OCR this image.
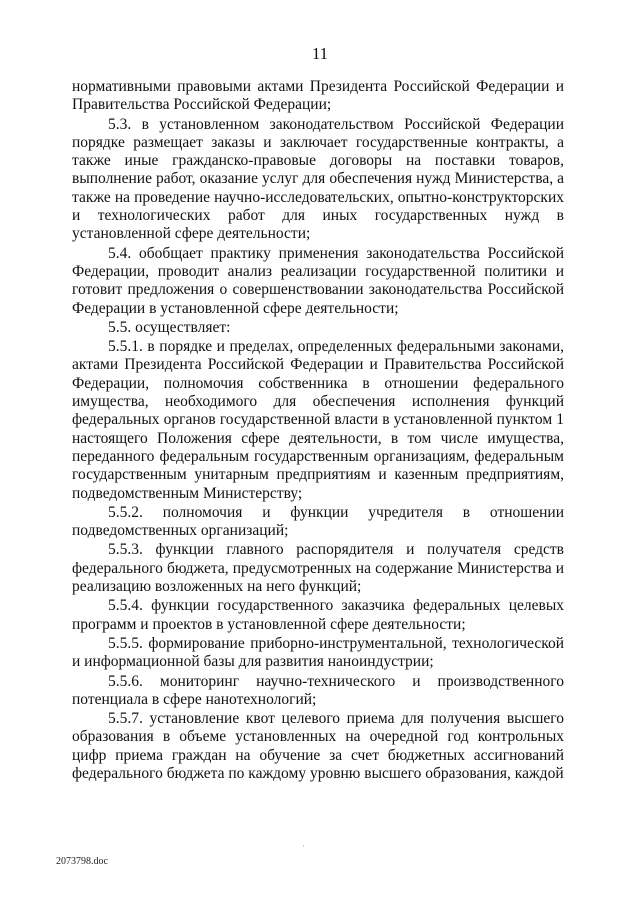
11

нормативными правовыми актами Президента Российской Федерации и Правительства Российской Федерации;

5.3. в установленном законодательством Российской Федерации порядке размещает заказы и заключает государственные контракты, а также иные гражданско-правовые договоры на поставки товаров, выполнение работ, оказание услуг для обеспечения нужд Министерства, а также на проведение научно-исследовательских, опытно-конструкторских и технологических работ для иных государственных нужд в установленной сфере деятельности;

5.4. обобщает практику применения законодательства Российской Федерации, проводит анализ реализации государственной политики и готовит предложения о совершенствовании законодательства Российской Федерации в установленной сфере деятельности;

5.5. осуществляет:

5.5.1. в порядке и пределах, определенных федеральными законами, актами Президента Российской Федерации и Правительства Российской Федерации, полномочия собственника в отношении федерального имущества, необходимого для обеспечения исполнения функций федеральных органов государственной власти в установленной пунктом 1 настоящего Положения сфере деятельности, в том числе имущества, переданного федеральным государственным организациям, федеральным государственным унитарным предприятиям и казенным предприятиям, подведомственным Министерству;

5.5.2. полномочия и функции учредителя в отношении подведомственных организаций;

5.5.3. функции главного распорядителя и получателя средств федерального бюджета, предусмотренных на содержание Министерства и реализацию возложенных на него функций;

5.5.4. функции государственного заказчика федеральных целевых программ и проектов в установленной сфере деятельности;

5.5.5. формирование приборно-инструментальной, технологической и информационной базы для развития наноиндустрии;

5.5.6. мониторинг научно-технического и производственного потенциала в сфере нанотехнологий;

5.5.7. установление квот целевого приема для получения высшего образования в объеме установленных на очередной год контрольных цифр приема граждан на обучение за счет бюджетных ассигнований федерального бюджета по каждому уровню высшего образования, каждой

·
2073798.doc
